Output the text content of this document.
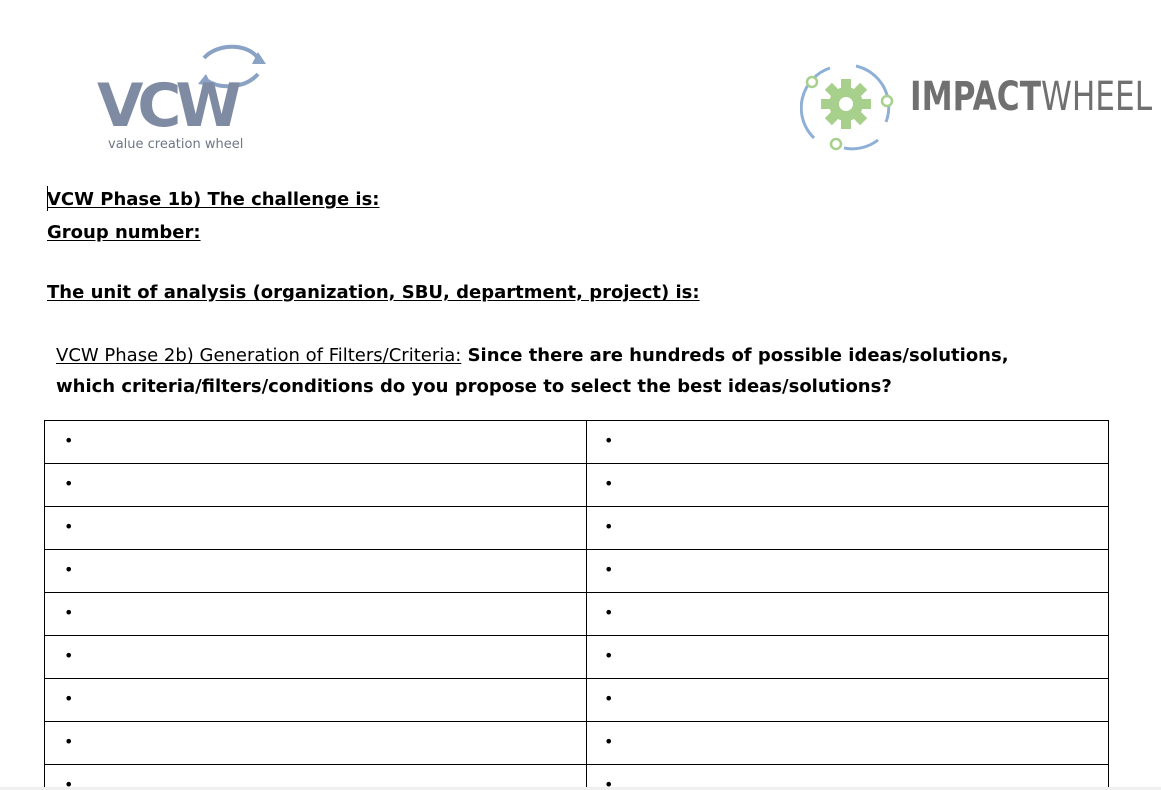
VCW
value creation wheel
IMPACTWHEEL
VCW Phase 1b) The challenge is:
Group number:
The unit of analysis (organization, SBU, department, project) is:
VCW Phase 2b) Generation of Filters/Criteria: Since there are hundreds of possible ideas/solutions, which criteria/filters/conditions do you propose to select the best ideas/solutions?
•	•

•	•

•	•

•	•

•	•

•	•

•	•

•	•

•	•
